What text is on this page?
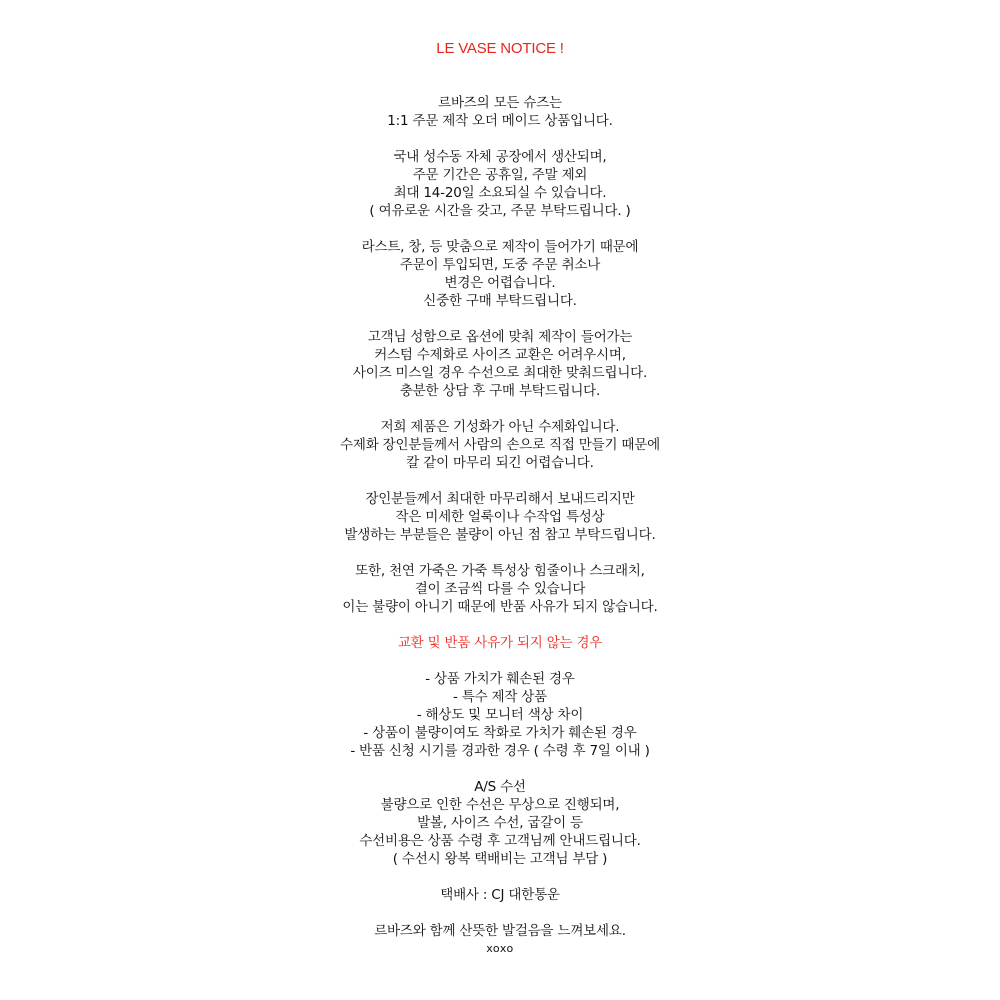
LE VASE NOTICE !
르바즈의 모든 슈즈는
1:1 주문 제작 오더 메이드 상품입니다.
국내 성수동 자체 공장에서 생산되며,
주문 기간은 공휴일, 주말 제외
최대 14-20일 소요되실 수 있습니다.
( 여유로운 시간을 갖고, 주문 부탁드립니다. )
라스트, 창, 등 맞춤으로 제작이 들어가기 때문에
주문이 투입되면, 도중 주문 취소나
변경은 어렵습니다.
신중한 구매 부탁드립니다.
고객님 성함으로 옵션에 맞춰 제작이 들어가는
커스텀 수제화로 사이즈 교환은 어려우시며,
사이즈 미스일 경우 수선으로 최대한 맞춰드립니다.
충분한 상담 후 구매 부탁드립니다.
저희 제품은 기성화가 아닌 수제화입니다.
수제화 장인분들께서 사람의 손으로 직접 만들기 때문에
칼 같이 마무리 되긴 어렵습니다.
장인분들께서 최대한 마무리해서 보내드리지만
작은 미세한 얼룩이나 수작업 특성상
발생하는 부분들은 불량이 아닌 점 참고 부탁드립니다.
또한, 천연 가죽은 가죽 특성상 힘줄이나 스크래치,
결이 조금씩 다를 수 있습니다
이는 불량이 아니기 때문에 반품 사유가 되지 않습니다.
교환 및 반품 사유가 되지 않는 경우
- 상품 가치가 훼손된 경우
- 특수 제작 상품
- 해상도 및 모니터 색상 차이
- 상품이 불량이여도 착화로 가치가 훼손된 경우
- 반품 신청 시기를 경과한 경우 ( 수령 후 7일 이내 )
A/S 수선
불량으로 인한 수선은 무상으로 진행되며,
발볼, 사이즈 수선, 굽갈이 등
수선비용은 상품 수령 후 고객님께 안내드립니다.
( 수선시 왕복 택배비는 고객님 부담 )
택배사 : CJ 대한통운
르바즈와 함께 산뜻한 발걸음을 느껴보세요.
xoxo
